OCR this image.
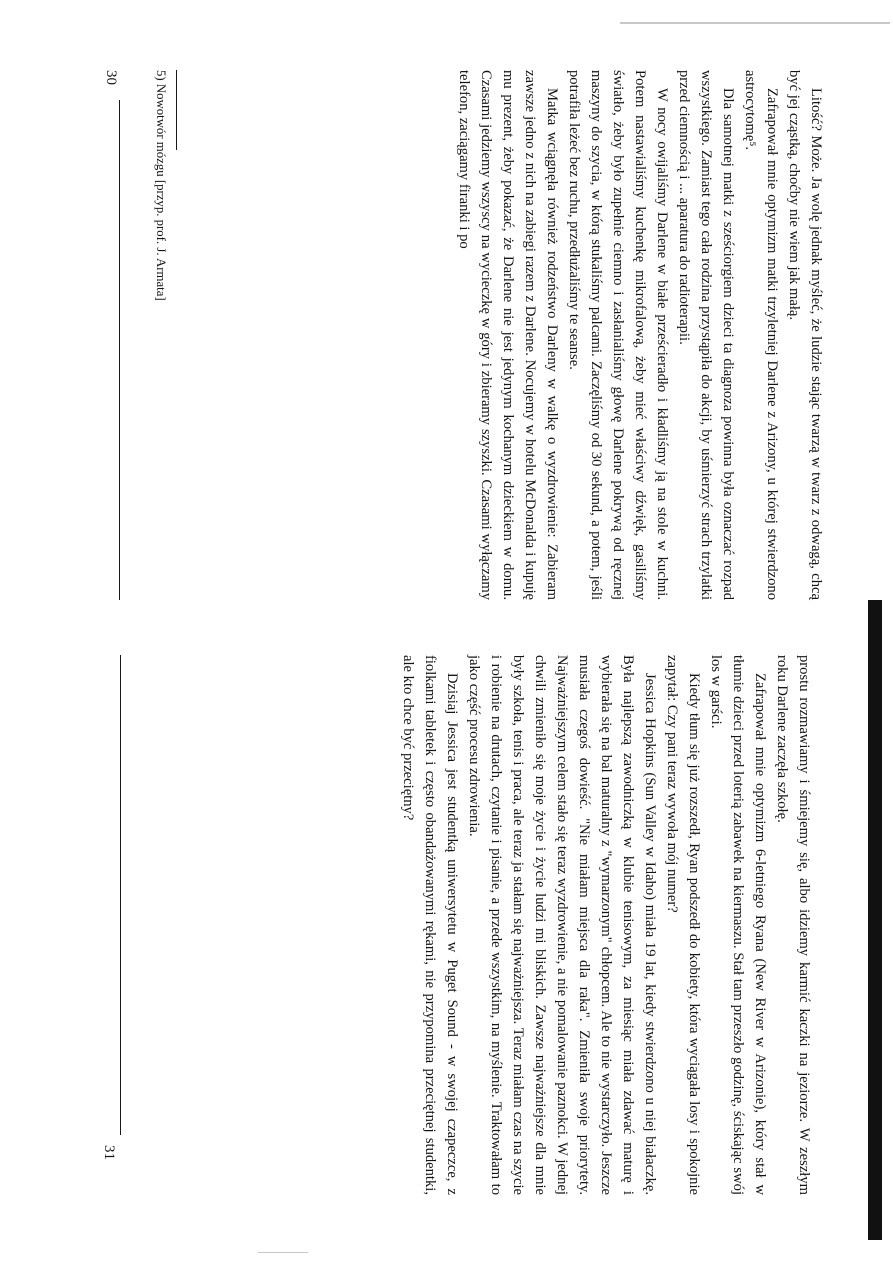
Litość? Może. Ja wolę jednak myśleć, że ludzie stając twarzą w twarz z odwagą, chcą być jej cząstką, choćby nie wiem jak małą.

Zafrapował mnie optymizm matki trzyletniej Darlene z Arizony, u której stwierdzono astrocytomę⁵.

Dla samotnej matki z sześciorgiem dzieci ta diagnoza powinna była oznaczać rozpad wszystkiego. Zamiast tego cała rodzina przystąpiła do akcji, by uśmierzyć strach trzylatki przed ciemnością i ... aparatura do radioterapii.

W nocy owijaliśmy Darlene w białe prześcieradło i kładliśmy ją na stole w kuchni. Potem nastawialiśmy kuchenkę mikrofalową, żeby mieć właściwy dźwięk, gasiliśmy światło, żeby było zupełnie ciemno i zasłanialiśmy głowę Darlene pokrywą od ręcznej maszyny do szycia, w którą stukaliśmy palcami. Zaczęliśmy od 30 sekund, a potem, jeśli potrafiła leżeć bez ruchu, przedłużaliśmy te seanse.

Matka wciągnęła również rodzeństwo Darleny w walkę o wyzdrowienie: Zabieram zawsze jedno z nich na zabiegi razem z Darlene. Nocujemy w hotelu McDonalda i kupuję mu prezent, żeby pokazać, że Darlene nie jest jedynym kochanym dzieckiem w domu. Czasami jedziemy wszyscy na wycieczkę w góry i zbieramy szyszki. Czasami wyłączamy telefon, zaciągamy firanki i po

5) Nowotwór mózgu [przyp. prof. J. Armata]
30

prostu rozmawiamy i śmiejemy się, albo idziemy karmić kaczki na jeziorze. W zeszłym roku Darlene zaczęła szkołę.

Zafrapował mnie optymizm 6-letniego Ryana (New River w Arizonie), który stał w tłumie dzieci przed loterią zabawek na kiermaszu. Stał tam przeszło godzinę, ściskając swój los w garści.

Kiedy tłum się już rozszedł, Ryan podszedł do kobiety, która wyciągała losy i spokojnie zapytał: Czy pani teraz wywoła mój numer?

Jessica Hopkins (Sun Valley w Idaho) miała 19 lat, kiedy stwierdzono u niej białaczkę. Była najlepszą zawodniczką w klubie tenisowym, za miesiąc miała zdawać maturę i wybierała się na bal maturalny z "wymarzonym" chłopcem. Ale to nie wystarczyło. Jeszcze musiała czegoś dowieść. "Nie miałam miejsca dla raka". Zmieniła swoje priorytety. Najważniejszym celem stało się teraz wyzdrowienie, a nie pomalowanie paznokci. W jednej chwili zmieniło się moje życie i życie ludzi mi bliskich. Zawsze najważniejsze dla mnie były szkoła, tenis i praca, ale teraz ja stałam się najważniejsza. Teraz miałam czas na szycie i robienie na drutach, czytanie i pisanie, a przede wszystkim, na myślenie. Traktowałam to jako część procesu zdrowienia.

Dzisiaj Jessica jest studentką uniwersytetu w Puget Sound - w swojej czapeczce, z fiolkami tabletek i często obandażowanymi rękami, nie przypomina przeciętnej studentki, ale kto chce być przeciętny?

31
